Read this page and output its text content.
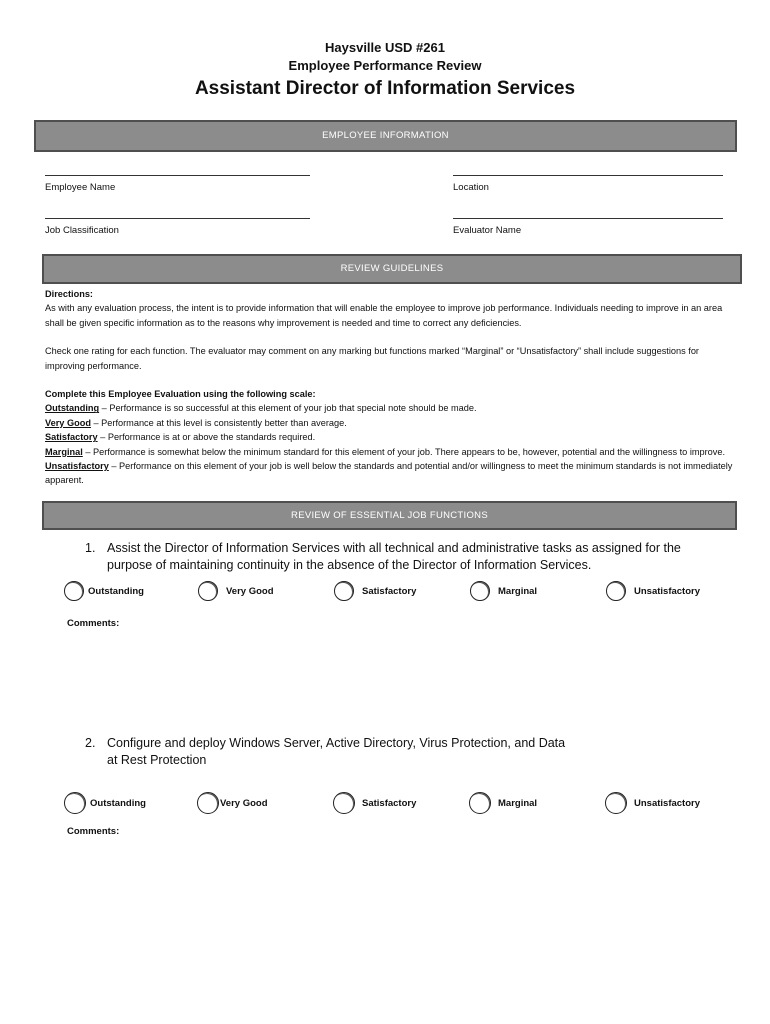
Haysville USD #261
Employee Performance Review
Assistant Director of Information Services
EMPLOYEE INFORMATION
Employee Name	Location
Job Classification	Evaluator Name
REVIEW GUIDELINES

Directions:

As with any evaluation process, the intent is to provide information that will enable the employee to improve job performance. Individuals needing to improve in an area shall be given specific information as to the reasons why improvement is needed and time to correct any deficiencies.

Check one rating for each function. The evaluator may comment on any marking but functions marked “Marginal” or “Unsatisfactory” shall include suggestions for improving performance.

Complete this Employee Evaluation using the following scale:

Outstanding – Performance is so successful at this element of your job that special note should be made.

Very Good – Performance at this level is consistently better than average.

Satisfactory – Performance is at or above the standards required.

Marginal – Performance is somewhat below the minimum standard for this element of your job. There appears to be, however, potential and the willingness to improve.

Unsatisfactory – Performance on this element of your job is well below the standards and potential and/or willingness to meet the minimum standards is not immediately apparent.

REVIEW OF ESSENTIAL JOB FUNCTIONS
1. Assist the Director of Information Services with all technical and administrative tasks as assigned for the
purpose of maintaining continuity in the absence of the Director of Information Services.
Outstanding	Very Good	Satisfactory	Marginal	Unsatisfactory
Comments:
2. Configure and deploy Windows Server, Active Directory, Virus Protection, and Data
at Rest Protection
Outstanding	Very Good	Satisfactory	Marginal	Unsatisfactory
Comments:
